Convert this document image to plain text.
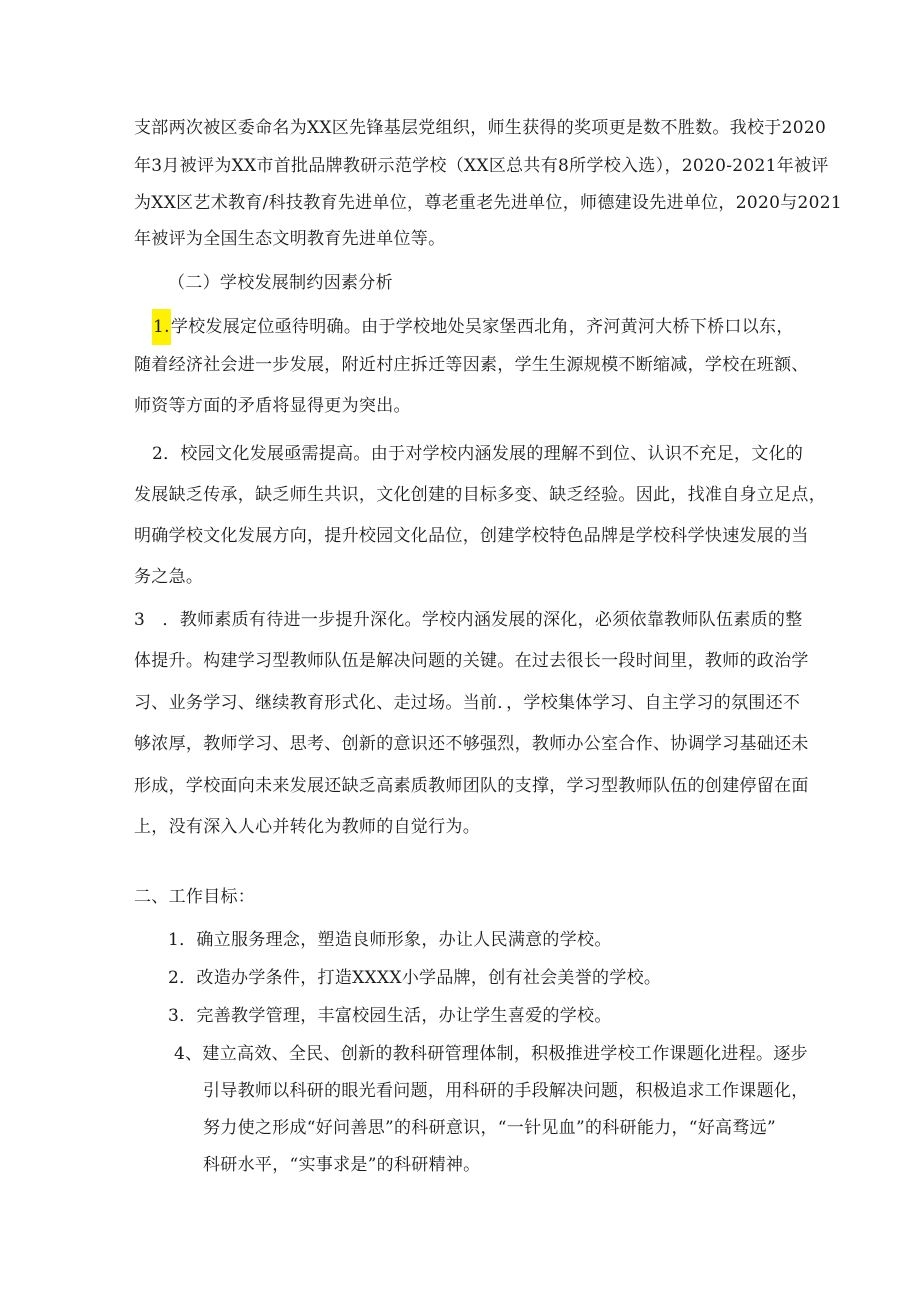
支部两次被区委命名为XX区先锋基层党组织，师生获得的奖项更是数不胜数。我校于2020
年3月被评为XX市首批品牌教研示范学校（XX区总共有8所学校入选），2020-2021年被评
为XX区艺术教育/科技教育先进单位，尊老重老先进单位，师德建设先进单位，2020与2021
年被评为全国生态文明教育先进单位等。
（二）学校发展制约因素分析
1.学校发展定位亟待明确。由于学校地处吴家堡西北角，齐河黄河大桥下桥口以东，
随着经济社会进一步发展，附近村庄拆迁等因素，学生生源规模不断缩减，学校在班额、
师资等方面的矛盾将显得更为突出。
2．校园文化发展亟需提高。由于对学校内涵发展的理解不到位、认识不充足，文化的
发展缺乏传承，缺乏师生共识，文化创建的目标多变、缺乏经验。因此，找准自身立足点，
明确学校文化发展方向，提升校园文化品位，创建学校特色品牌是学校科学快速发展的当
务之急。
3　．教师素质有待进一步提升深化。学校内涵发展的深化，必须依靠教师队伍素质的整
体提升。构建学习型教师队伍是解决问题的关键。在过去很长一段时间里，教师的政治学
习、业务学习、继续教育形式化、走过场。当前．，学校集体学习、自主学习的氛围还不
够浓厚，教师学习、思考、创新的意识还不够强烈，教师办公室合作、协调学习基础还未
形成，学校面向未来发展还缺乏高素质教师团队的支撑，学习型教师队伍的创建停留在面
上，没有深入人心并转化为教师的自觉行为。
二、工作目标：
1．确立服务理念，塑造良师形象，办让人民满意的学校。
2．改造办学条件，打造XXXX小学品牌，创有社会美誉的学校。
3．完善教学管理，丰富校园生活，办让学生喜爱的学校。
4、建立高效、全民、创新的教科研管理体制，积极推进学校工作课题化进程。逐步
引导教师以科研的眼光看问题，用科研的手段解决问题，积极追求工作课题化，
努力使之形成“好问善思”的科研意识，“一针见血”的科研能力，“好高骛远”
科研水平，“实事求是”的科研精神。
